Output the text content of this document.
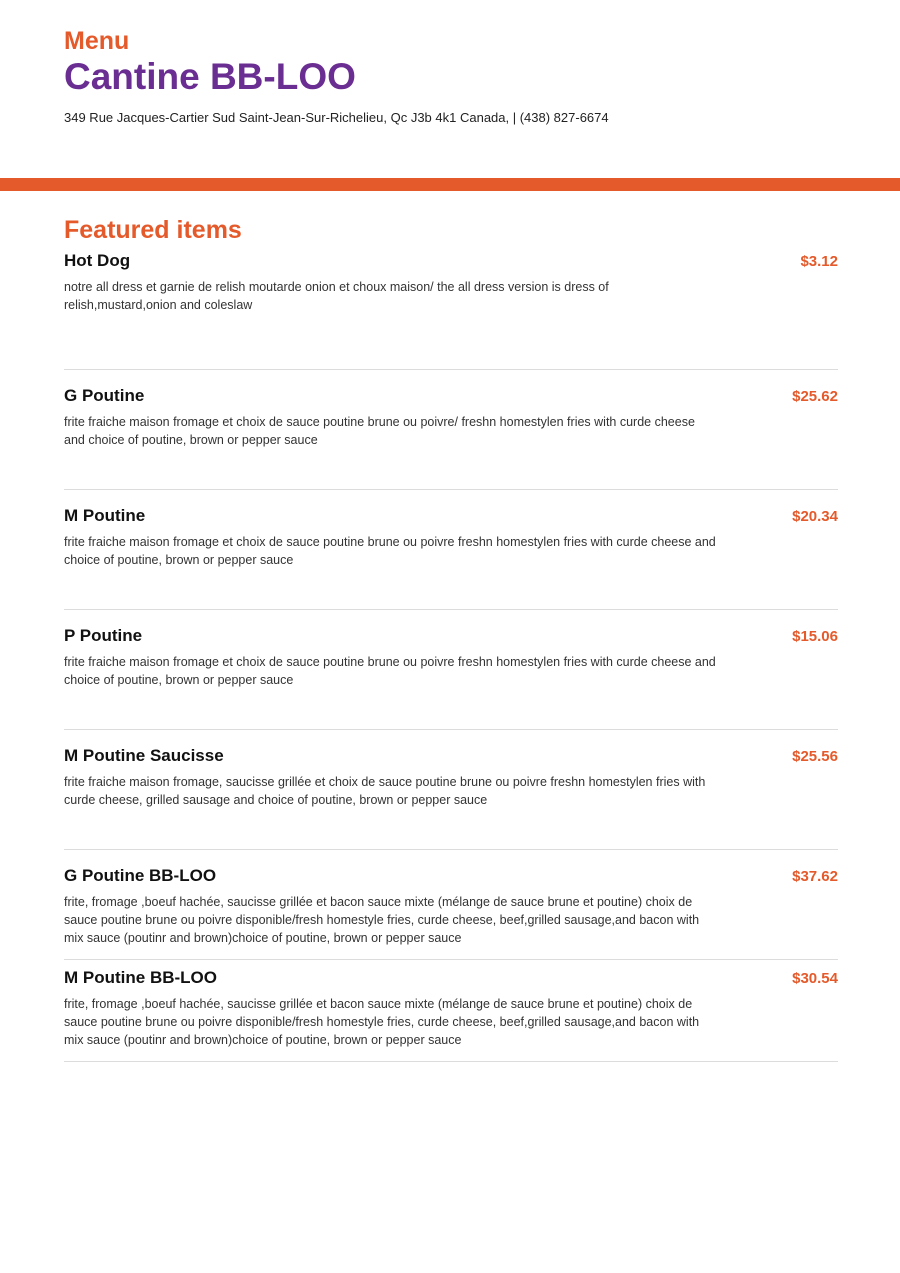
Menu
Cantine BB-LOO
349 Rue Jacques-Cartier Sud Saint-Jean-Sur-Richelieu, Qc J3b 4k1 Canada, | (438) 827-6674
Featured items
Hot Dog	$3.12
notre all dress et garnie de relish moutarde onion et choux maison/ the all dress version is dress of relish,mustard,onion and coleslaw
G Poutine	$25.62
frite fraiche maison fromage et choix de sauce poutine brune ou poivre/ freshn homestylen fries with curde cheese and choice of poutine, brown or pepper sauce
M Poutine	$20.34
frite fraiche maison fromage et choix de sauce poutine brune ou poivre freshn homestylen fries with curde cheese and choice of poutine, brown or pepper sauce
P Poutine	$15.06
frite fraiche maison fromage et choix de sauce poutine brune ou poivre freshn homestylen fries with curde cheese and choice of poutine, brown or pepper sauce
M Poutine Saucisse	$25.56
frite fraiche maison fromage, saucisse grillée et choix de sauce poutine brune ou poivre freshn homestylen fries with curde cheese, grilled sausage and choice of poutine, brown or pepper sauce
G Poutine BB-LOO	$37.62
frite, fromage ,boeuf hachée, saucisse grillée et bacon sauce mixte (mélange de sauce brune et poutine) choix de sauce poutine brune ou poivre disponible/fresh homestyle fries, curde cheese, beef,grilled sausage,and bacon with mix sauce (poutinr and brown)choice of poutine, brown or pepper sauce
M Poutine BB-LOO	$30.54
frite, fromage ,boeuf hachée, saucisse grillée et bacon sauce mixte (mélange de sauce brune et poutine) choix de sauce poutine brune ou poivre disponible/fresh homestyle fries, curde cheese, beef,grilled sausage,and bacon with mix sauce (poutinr and brown)choice of poutine, brown or pepper sauce
